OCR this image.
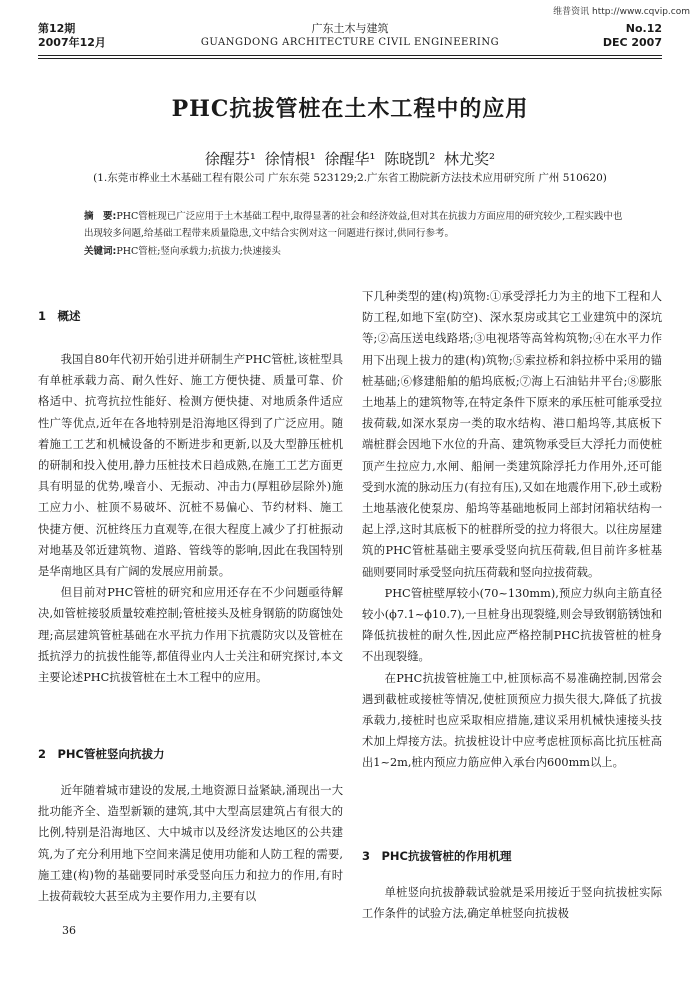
维普资讯 http://www.cqvip.com
第12期
2007年12月
广东土木与建筑
GUANGDONG ARCHITECTURE CIVIL ENGINEERING
No.12
DEC 2007
PHC抗拔管桩在土木工程中的应用
徐醒芬¹ 徐情根¹ 徐醒华¹ 陈晓凯² 林尤奖²
(1.东莞市桦业土木基础工程有限公司 广东东莞 523129;2.广东省工勘院新方法技术应用研究所 广州 510620)
摘　要:PHC管桩现已广泛应用于土木基础工程中,取得显著的社会和经济效益,但对其在抗拔力方面应用的研究较少,工程实践中也出现较多问题,给基础工程带来质量隐患,文中结合实例对这一问题进行探讨,供同行参考。
关键词:PHC管桩;竖向承载力;抗拔力;快速接头

1　概述

我国自80年代初开始引进并研制生产PHC管桩,该桩型具有单桩承载力高、耐久性好、施工方便快捷、质量可靠、价格适中、抗弯抗拉性能好、检测方便快捷、对地质条件适应性广等优点,近年在各地特别是沿海地区得到了广泛应用。随着施工工艺和机械设备的不断进步和更新,以及大型静压桩机的研制和投入使用,静力压桩技术日趋成熟,在施工工艺方面更具有明显的优势,噪音小、无振动、冲击力(厚粗砂层除外)施工应力小、桩顶不易破坏、沉桩不易偏心、节约材料、施工快捷方便、沉桩终压力直观等,在很大程度上减少了打桩振动对地基及邻近建筑物、道路、管线等的影响,因此在我国特别是华南地区具有广阔的发展应用前景。

但目前对PHC管桩的研究和应用还存在不少问题亟待解决,如管桩接驳质量较难控制;管桩接头及桩身钢筋的防腐蚀处理;高层建筑管桩基础在水平抗力作用下抗震防灾以及管桩在抵抗浮力的抗拔性能等,都值得业内人士关注和研究探讨,本文主要论述PHC抗拔管桩在土木工程中的应用。

2　PHC管桩竖向抗拔力

近年随着城市建设的发展,土地资源日益紧缺,涌现出一大批功能齐全、造型新颖的建筑,其中大型高层建筑占有很大的比例,特别是沿海地区、大中城市以及经济发达地区的公共建筑,为了充分利用地下空间来满足使用功能和人防工程的需要,施工建(构)物的基础要同时承受竖向压力和拉力的作用,有时上拔荷载较大甚至成为主要作用力,主要有以

下几种类型的建(构)筑物:①承受浮托力为主的地下工程和人防工程,如地下室(防空)、深水泵房或其它工业建筑中的深坑等;②高压送电线路塔;③电视塔等高耸构筑物;④在水平力作用下出现上拔力的建(构)筑物;⑤索拉桥和斜拉桥中采用的锚桩基础;⑥修建船舶的船坞底板;⑦海上石油钻井平台;⑧膨胀土地基上的建筑物等,在特定条件下原来的承压桩可能承受拉拔荷载,如深水泵房一类的取水结构、港口船坞等,其底板下端桩群会因地下水位的升高、建筑物承受巨大浮托力而使桩顶产生拉应力,水闸、船闸一类建筑除浮托力作用外,还可能受到水流的脉动压力(有拉有压),又如在地震作用下,砂土或粉土地基液化使泵房、船坞等基础地板同上部封闭箱状结构一起上浮,这时其底板下的桩群所受的拉力将很大。以往房屋建筑的PHC管桩基础主要承受竖向抗压荷载,但目前许多桩基础则要同时承受竖向抗压荷载和竖向拉拔荷载。

PHC管桩壁厚较小(70~130mm),预应力纵向主筋直径较小(ϕ7.1~ϕ10.7),一旦桩身出现裂缝,则会导致钢筋锈蚀和降低抗拔桩的耐久性,因此应严格控制PHC抗拔管桩的桩身不出现裂缝。

在PHC抗拔管桩施工中,桩顶标高不易准确控制,因常会遇到截桩或接桩等情况,使桩顶预应力损失很大,降低了抗拔承载力,接桩时也应采取相应措施,建议采用机械快速接头技术加上焊接方法。抗拔桩设计中应考虑桩顶标高比抗压桩高出1~2m,桩内预应力筋应伸入承台内600mm以上。

3　PHC抗拔管桩的作用机理

单桩竖向抗拔静载试验就是采用接近于竖向抗拔桩实际工作条件的试验方法,确定单桩竖向抗拔极

36
